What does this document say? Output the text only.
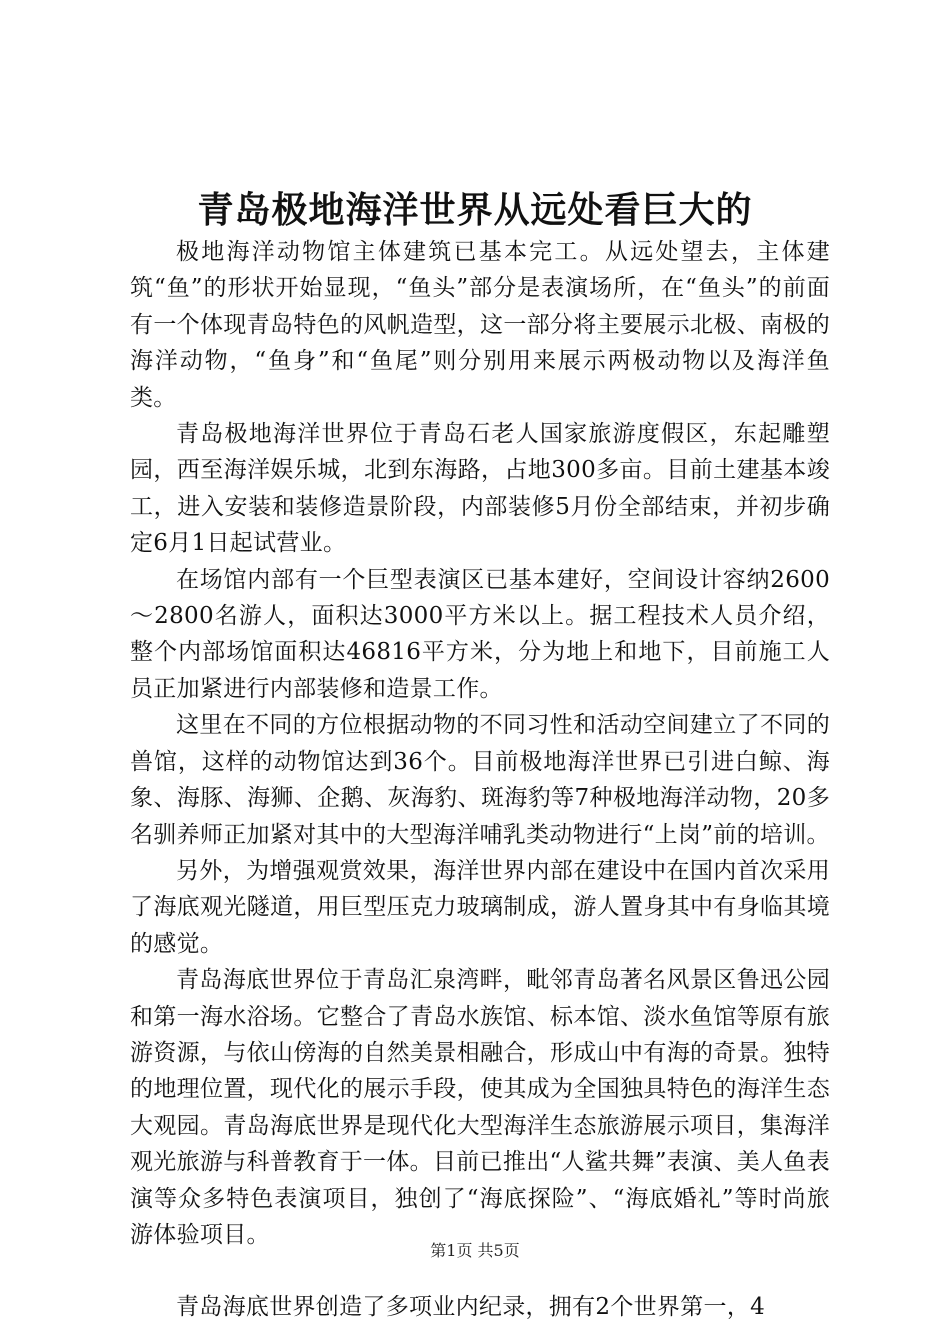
青岛极地海洋世界从远处看巨大的

极地海洋动物馆主体建筑已基本完工。从远处望去，主体建筑“鱼”的形状开始显现，“鱼头”部分是表演场所，在“鱼头”的前面有一个体现青岛特色的风帆造型，这一部分将主要展示北极、南极的海洋动物，“鱼身”和“鱼尾”则分别用来展示两极动物以及海洋鱼类。

青岛极地海洋世界位于青岛石老人国家旅游度假区，东起雕塑园，西至海洋娱乐城，北到东海路，占地300多亩。目前土建基本竣工，进入安装和装修造景阶段，内部装修5月份全部结束，并初步确定6月1日起试营业。

在场馆内部有一个巨型表演区已基本建好，空间设计容纳2600～2800名游人，面积达3000平方米以上。据工程技术人员介绍，整个内部场馆面积达46816平方米，分为地上和地下，目前施工人员正加紧进行内部装修和造景工作。

这里在不同的方位根据动物的不同习性和活动空间建立了不同的兽馆，这样的动物馆达到36个。目前极地海洋世界已引进白鲸、海象、海豚、海狮、企鹅、灰海豹、斑海豹等7种极地海洋动物，20多名驯养师正加紧对其中的大型海洋哺乳类动物进行“上岗”前的培训。

另外，为增强观赏效果，海洋世界内部在建设中在国内首次采用了海底观光隧道，用巨型压克力玻璃制成，游人置身其中有身临其境的感觉。

青岛海底世界位于青岛汇泉湾畔，毗邻青岛著名风景区鲁迅公园和第一海水浴场。它整合了青岛水族馆、标本馆、淡水鱼馆等原有旅游资源，与依山傍海的自然美景相融合，形成山中有海的奇景。独特的地理位置，现代化的展示手段，使其成为全国独具特色的海洋生态大观园。青岛海底世界是现代化大型海洋生态旅游展示项目，集海洋观光旅游与科普教育于一体。目前已推出“人鲨共舞”表演、美人鱼表演等众多特色表演项目，独创了“海底探险”、“海底婚礼”等时尚旅游体验项目。

青岛海底世界创造了多项业内纪录，拥有2个世界第一，4

第1页 共5页
